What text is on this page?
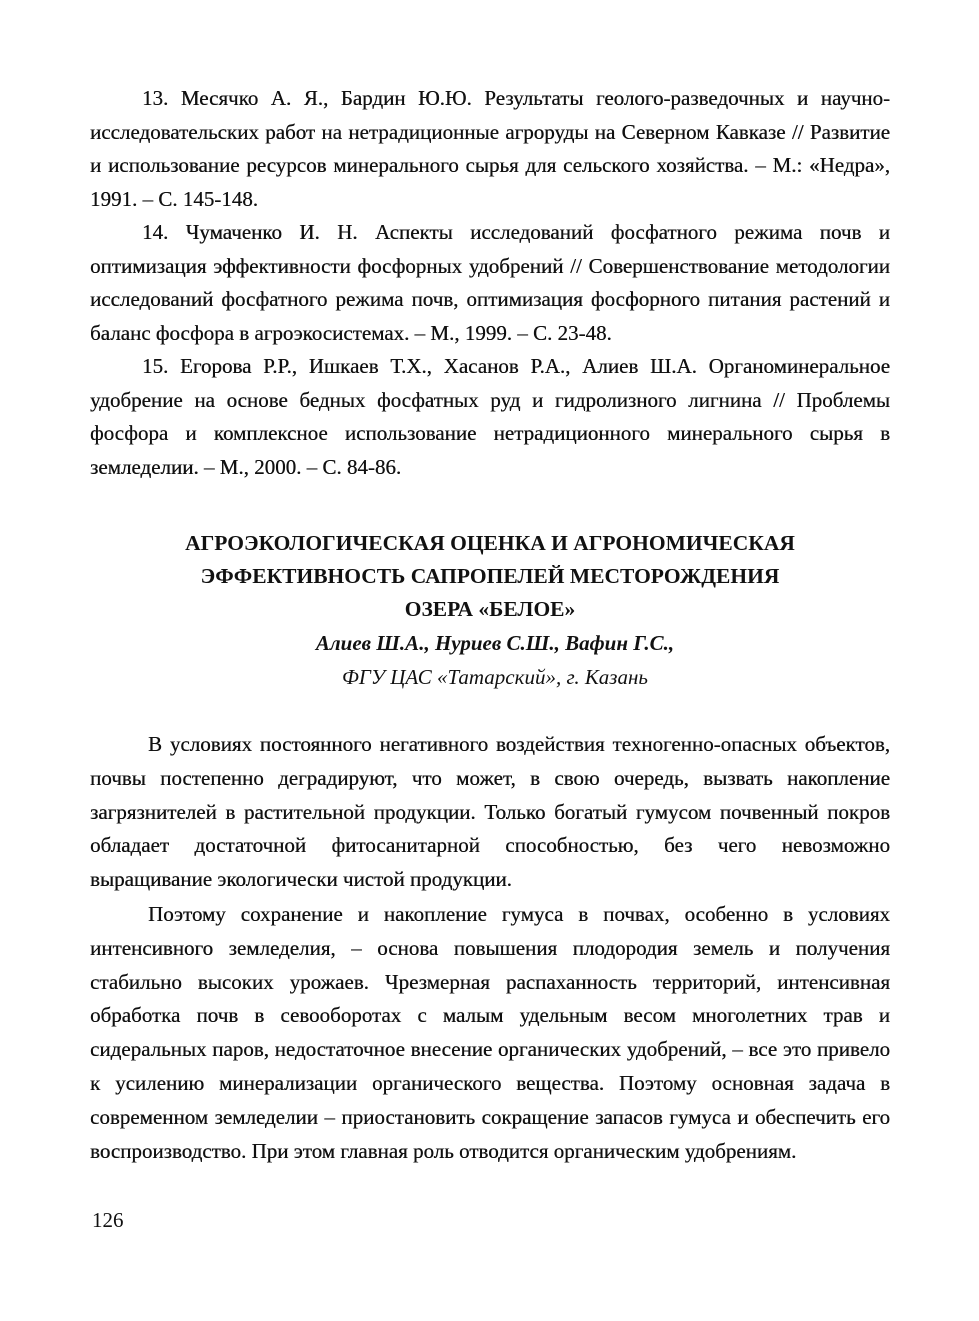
13. Месячко А. Я., Бардин Ю.Ю. Результаты геолого-разведочных и научно-исследовательских работ на нетрадиционные агроруды на Северном Кавказе // Развитие и использование ресурсов минерального сырья для сельского хозяйства. – М.: «Недра», 1991. – С. 145-148.

14. Чумаченко И. Н. Аспекты исследований фосфатного режима почв и оптимизация эффективности фосфорных удобрений // Совершенствование методологии исследований фосфатного режима почв, оптимизация фосфорного питания растений и баланс фосфора в агроэкосистемах. – М., 1999. – С. 23-48.

15. Егорова Р.Р., Ишкаев Т.Х., Хасанов Р.А., Алиев Ш.А. Органоминеральное удобрение на основе бедных фосфатных руд и гидролизного лигнина // Проблемы фосфора и комплексное использование нетрадиционного минерального сырья в земледелии. – М., 2000. – С. 84-86.

АГРОЭКОЛОГИЧЕСКАЯ ОЦЕНКА И АГРОНОМИЧЕСКАЯ
ЭФФЕКТИВНОСТЬ САПРОПЕЛЕЙ МЕСТОРОЖДЕНИЯ
ОЗЕРА «БЕЛОЕ»
Алиев Ш.А., Нуриев С.Ш., Вафин Г.С.,
ФГУ ЦАС «Татарский», г. Казань

В условиях постоянного негативного воздействия техногенно-опасных объектов, почвы постепенно деградируют, что может, в свою очередь, вызвать накопление загрязнителей в растительной продукции. Только богатый гумусом почвенный покров обладает достаточной фитосанитарной способностью, без чего невозможно выращивание экологически чистой продукции.

Поэтому сохранение и накопление гумуса в почвах, особенно в условиях интенсивного земледелия, – основа повышения плодородия земель и получения стабильно высоких урожаев. Чрезмерная распаханность территорий, интенсивная обработка почв в севооборотах с малым удельным весом многолетних трав и сидеральных паров, недостаточное внесение органических удобрений, – все это привело к усилению минерализации органического вещества. Поэтому основная задача в современном земледелии – приостановить сокращение запасов гумуса и обеспечить его воспроизводство. При этом главная роль отводится органическим удобрениям.

126
